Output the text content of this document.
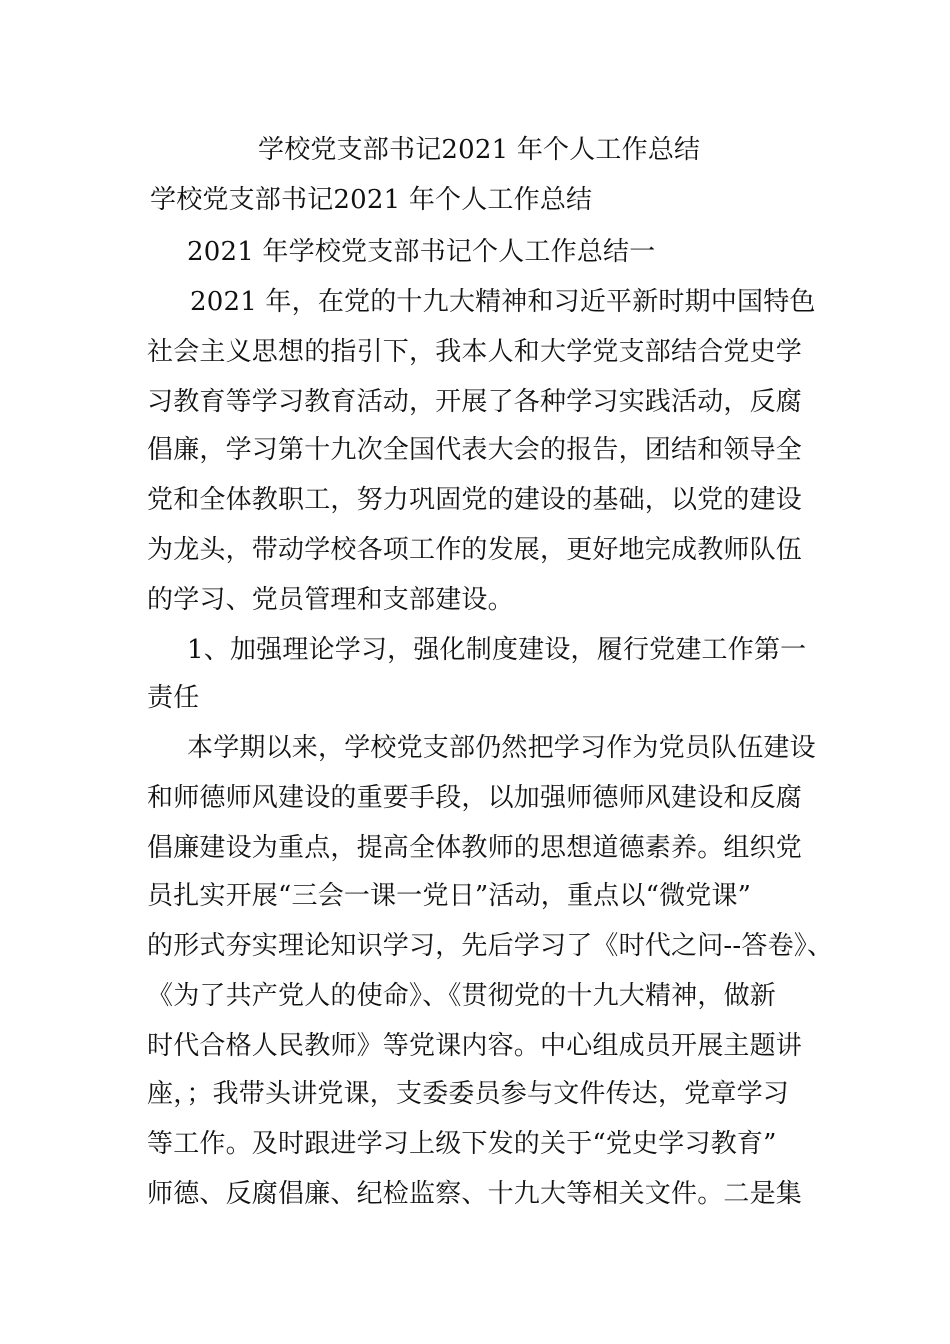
学校党支部书记2021 年个人工作总结
学校党支部书记2021 年个人工作总结
2021 年学校党支部书记个人工作总结一
2021 年，在党的十九大精神和习近平新时期中国特色
社会主义思想的指引下，我本人和大学党支部结合党史学
习教育等学习教育活动，开展了各种学习实践活动，反腐
倡廉，学习第十九次全国代表大会的报告，团结和领导全
党和全体教职工，努力巩固党的建设的基础，以党的建设
为龙头，带动学校各项工作的发展，更好地完成教师队伍
的学习、党员管理和支部建设。
1、加强理论学习，强化制度建设，履行党建工作第一
责任
本学期以来，学校党支部仍然把学习作为党员队伍建设
和师德师风建设的重要手段，以加强师德师风建设和反腐
倡廉建设为重点，提高全体教师的思想道德素养。组织党
员扎实开展“三会一课一党日”活动，重点以“微党课”
的形式夯实理论知识学习，先后学习了《时代之问--答卷》、
《为了共产党人的使命》、《贯彻党的十九大精神，做新
时代合格人民教师》等党课内容。中心组成员开展主题讲
座，；我带头讲党课，支委委员参与文件传达，党章学习
等工作。及时跟进学习上级下发的关于“党史学习教育”
师德、反腐倡廉、纪检监察、十九大等相关文件。二是集
